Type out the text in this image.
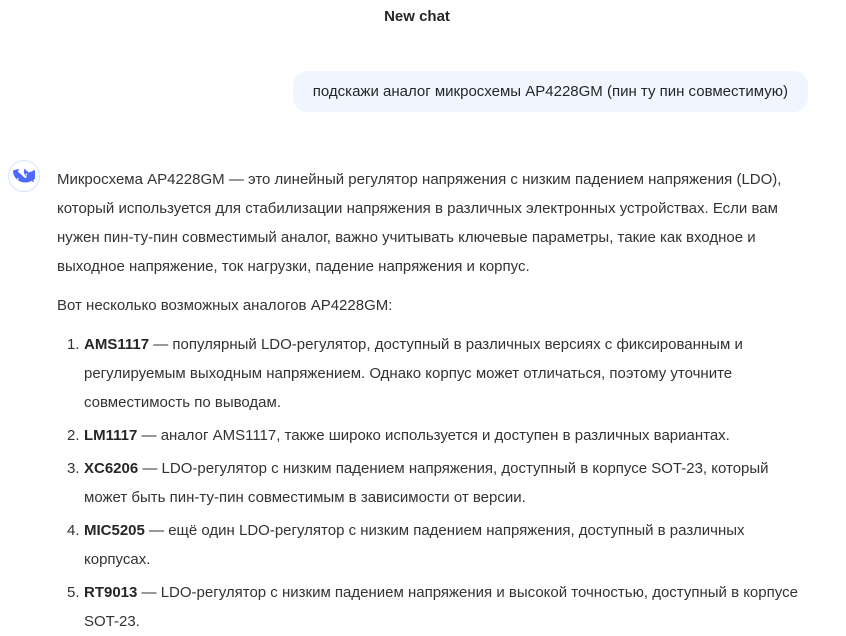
New chat
подскажи аналог микросхемы AP4228GM (пин ту пин совместимую)

Микросхема AP4228GM — это линейный регулятор напряжения с низким падением напряжения (LDO), который используется для стабилизации напряжения в различных электронных устройствах. Если вам нужен пин-ту-пин совместимый аналог, важно учитывать ключевые параметры, такие как входное и выходное напряжение, ток нагрузки, падение напряжения и корпус.

Вот несколько возможных аналогов AP4228GM:

1. AMS1117 — популярный LDO-регулятор, доступный в различных версиях с фиксированным и регулируемым выходным напряжением. Однако корпус может отличаться, поэтому уточните совместимость по выводам.
2. LM1117 — аналог AMS1117, также широко используется и доступен в различных вариантах.
3. XC6206 — LDO-регулятор с низким падением напряжения, доступный в корпусе SOT-23, который может быть пин-ту-пин совместимым в зависимости от версии.
4. MIC5205 — ещё один LDO-регулятор с низким падением напряжения, доступный в различных корпусах.
5. RT9013 — LDO-регулятор с низким падением напряжения и высокой точностью, доступный в корпусе SOT-23.
